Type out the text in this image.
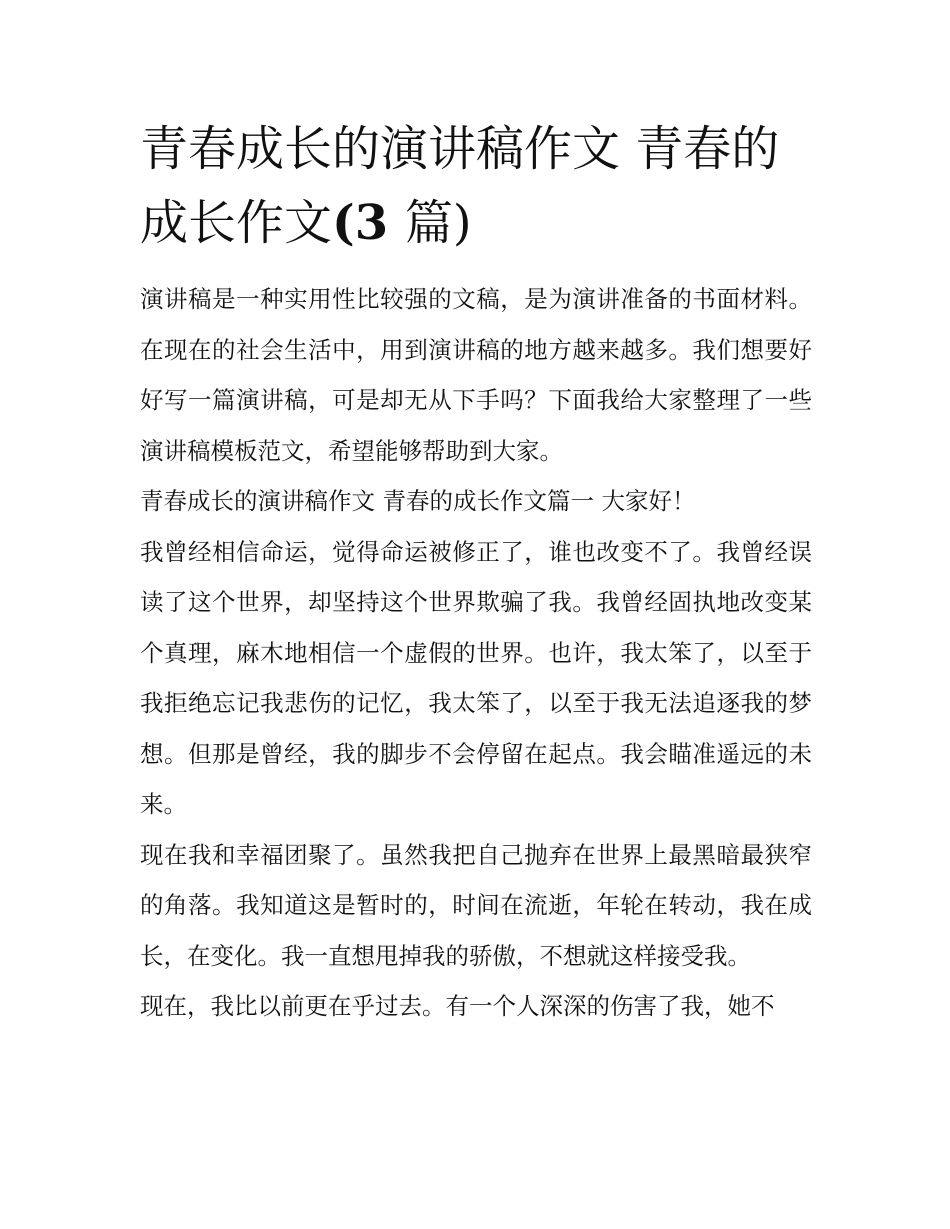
青春成长的演讲稿作文 青春的成长作文(3 篇)

演讲稿是一种实用性比较强的文稿，是为演讲准备的书面材料。在现在的社会生活中，用到演讲稿的地方越来越多。我们想要好好写一篇演讲稿，可是却无从下手吗？下面我给大家整理了一些演讲稿模板范文，希望能够帮助到大家。

青春成长的演讲稿作文 青春的成长作文篇一 大家好！

我曾经相信命运，觉得命运被修正了，谁也改变不了。我曾经误读了这个世界，却坚持这个世界欺骗了我。我曾经固执地改变某个真理，麻木地相信一个虚假的世界。也许，我太笨了，以至于我拒绝忘记我悲伤的记忆，我太笨了，以至于我无法追逐我的梦想。但那是曾经，我的脚步不会停留在起点。我会瞄准遥远的未来。

现在我和幸福团聚了。虽然我把自己抛弃在世界上最黑暗最狭窄的角落。我知道这是暂时的，时间在流逝，年轮在转动，我在成长，在变化。我一直想甩掉我的骄傲，不想就这样接受我。

现在，我比以前更在乎过去。有一个人深深的伤害了我，她不
